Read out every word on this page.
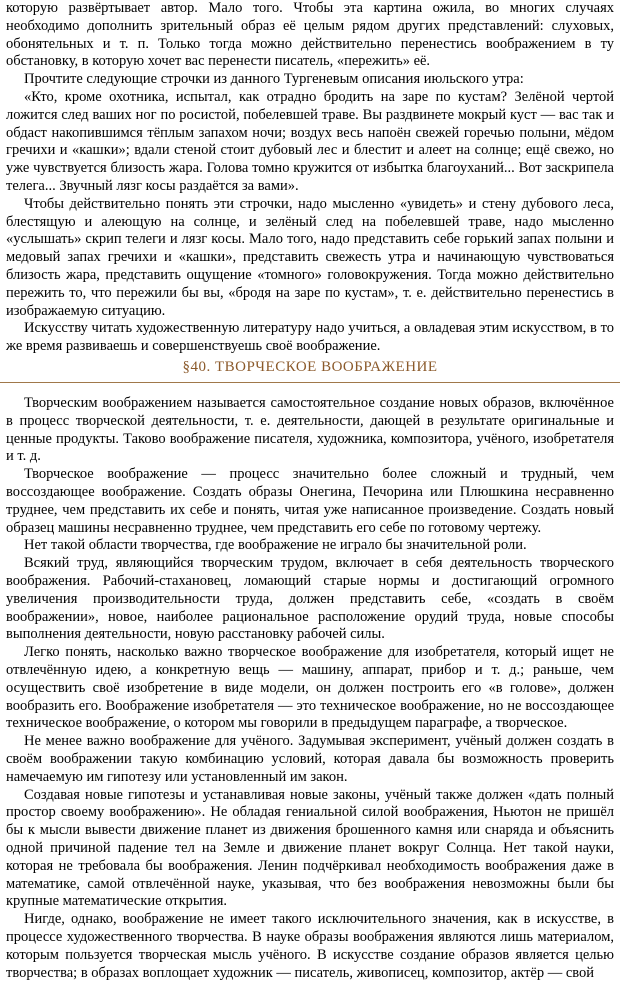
которую развёртывает автор. Мало того. Чтобы эта картина ожила, во многих случаях необходимо дополнить зрительный образ её целым рядом других представлений: слуховых, обонятельных и т. п. Только тогда можно действительно перенестись воображением в ту обстановку, в которую хочет вас перенести писатель, «пережить» её.

Прочтите следующие строчки из данного Тургеневым описания июльского утра:

«Кто, кроме охотника, испытал, как отрадно бродить на заре по кустам? Зелёной чертой ложится след ваших ног по росистой, побелевшей траве. Вы раздвинете мокрый куст — вас так и обдаст накопившимся тёплым запахом ночи; воздух весь напоён свежей горечью полыни, мёдом гречихи и «кашки»; вдали стеной стоит дубовый лес и блестит и алеет на солнце; ещё свежо, но уже чувствуется близость жара. Голова томно кружится от избытка благоуханий... Вот заскрипела телега... Звучный лязг косы раздаётся за вами».

Чтобы действительно понять эти строчки, надо мысленно «увидеть» и стену дубового леса, блестящую и алеющую на солнце, и зелёный след на побелевшей траве, надо мысленно «услышать» скрип телеги и лязг косы. Мало того, надо представить себе горький запах полыни и медовый запах гречихи и «кашки», представить свежесть утра и начинающую чувствоваться близость жара, представить ощущение «томного» головокружения. Тогда можно действительно пережить то, что пережили бы вы, «бродя на заре по кустам», т. е. действительно перенестись в изображаемую ситуацию.

Искусству читать художественную литературу надо учиться, а овладевая этим искусством, в то же время развиваешь и совершенствуешь своё воображение.

§40. ТВОРЧЕСКОЕ ВООБРАЖЕНИЕ

Творческим воображением называется самостоятельное создание новых образов, включённое в процесс творческой деятельности, т. е. деятельности, дающей в результате оригинальные и ценные продукты. Таково воображение писателя, художника, композитора, учёного, изобретателя и т. д.

Творческое воображение — процесс значительно более сложный и трудный, чем воссоздающее воображение. Создать образы Онегина, Печорина или Плюшкина несравненно труднее, чем представить их себе и понять, читая уже написанное произведение. Создать новый образец машины несравненно труднее, чем представить его себе по готовому чертежу.

Нет такой области творчества, где воображение не играло бы значительной роли.

Всякий труд, являющийся творческим трудом, включает в себя деятельность творческого воображения. Рабочий-стахановец, ломающий старые нормы и достигающий огромного увеличения производительности труда, должен представить себе, «создать в своём воображении», новое, наиболее рациональное расположение орудий труда, новые способы выполнения деятельности, новую расстановку рабочей силы.

Легко понять, насколько важно творческое воображение для изобретателя, который ищет не отвлечённую идею, а конкретную вещь — машину, аппарат, прибор и т. д.; раньше, чем осуществить своё изобретение в виде модели, он должен построить его «в голове», должен вообразить его. Воображение изобретателя — это техническое воображение, но не воссоздающее техническое воображение, о котором мы говорили в предыдущем параграфе, а творческое.

Не менее важно воображение для учёного. Задумывая эксперимент, учёный должен создать в своём воображении такую комбинацию условий, которая давала бы возможность проверить намечаемую им гипотезу или установленный им закон.

Создавая новые гипотезы и устанавливая новые законы, учёный также должен «дать полный простор своему воображению». Не обладая гениальной силой воображения, Ньютон не пришёл бы к мысли вывести движение планет из движения брошенного камня или снаряда и объяснить одной причиной падение тел на Земле и движение планет вокруг Солнца. Нет такой науки, которая не требовала бы воображения. Ленин подчёркивал необходимость воображения даже в математике, самой отвлечённой науке, указывая, что без воображения невозможны были бы крупные математические открытия.

Нигде, однако, воображение не имеет такого исключительного значения, как в искусстве, в процессе художественного творчества. В науке образы воображения являются лишь материалом, которым пользуется творческая мысль учёного. В искусстве создание образов является целью творчества; в образах воплощает художник — писатель, живописец, композитор, актёр — свой
